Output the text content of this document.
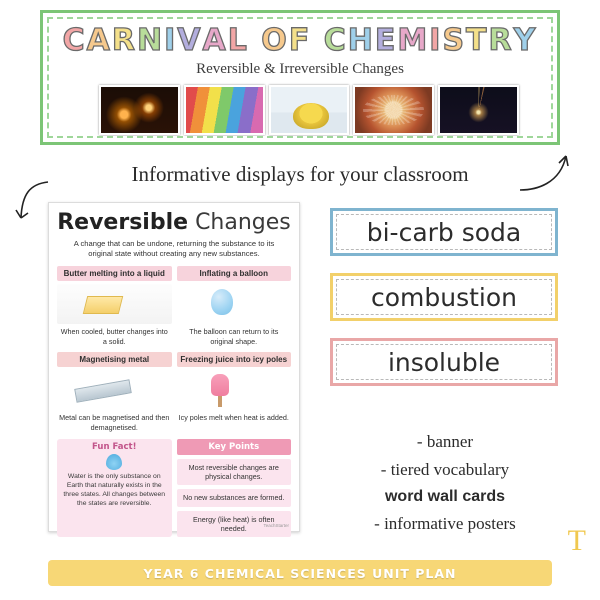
CARNIVAL OF CHEMISTRY
Reversible & Irreversible Changes
Informative displays for your classroom
Reversible Changes
A change that can be undone, returning the substance to its original state without creating any new substances.
Butter melting into a liquid
When cooled, butter changes into a solid.
Inflating a balloon
The balloon can return to its original shape.
Magnetising metal
Metal can be magnetised and then demagnetised.
Freezing juice into icy poles
Icy poles melt when heat is added.
Fun Fact!

Water is the only substance on Earth that naturally exists in the three states. All changes between the states are reversible.

Key Points
Most reversible changes are physical changes.
No new substances are formed.
Energy (like heat) is often needed.	TeachStarter
bi-carb soda
combustion
insoluble
- banner
- tiered vocabulary
word wall cards
- informative posters
YEAR 6 CHEMICAL SCIENCES UNIT PLAN
T
